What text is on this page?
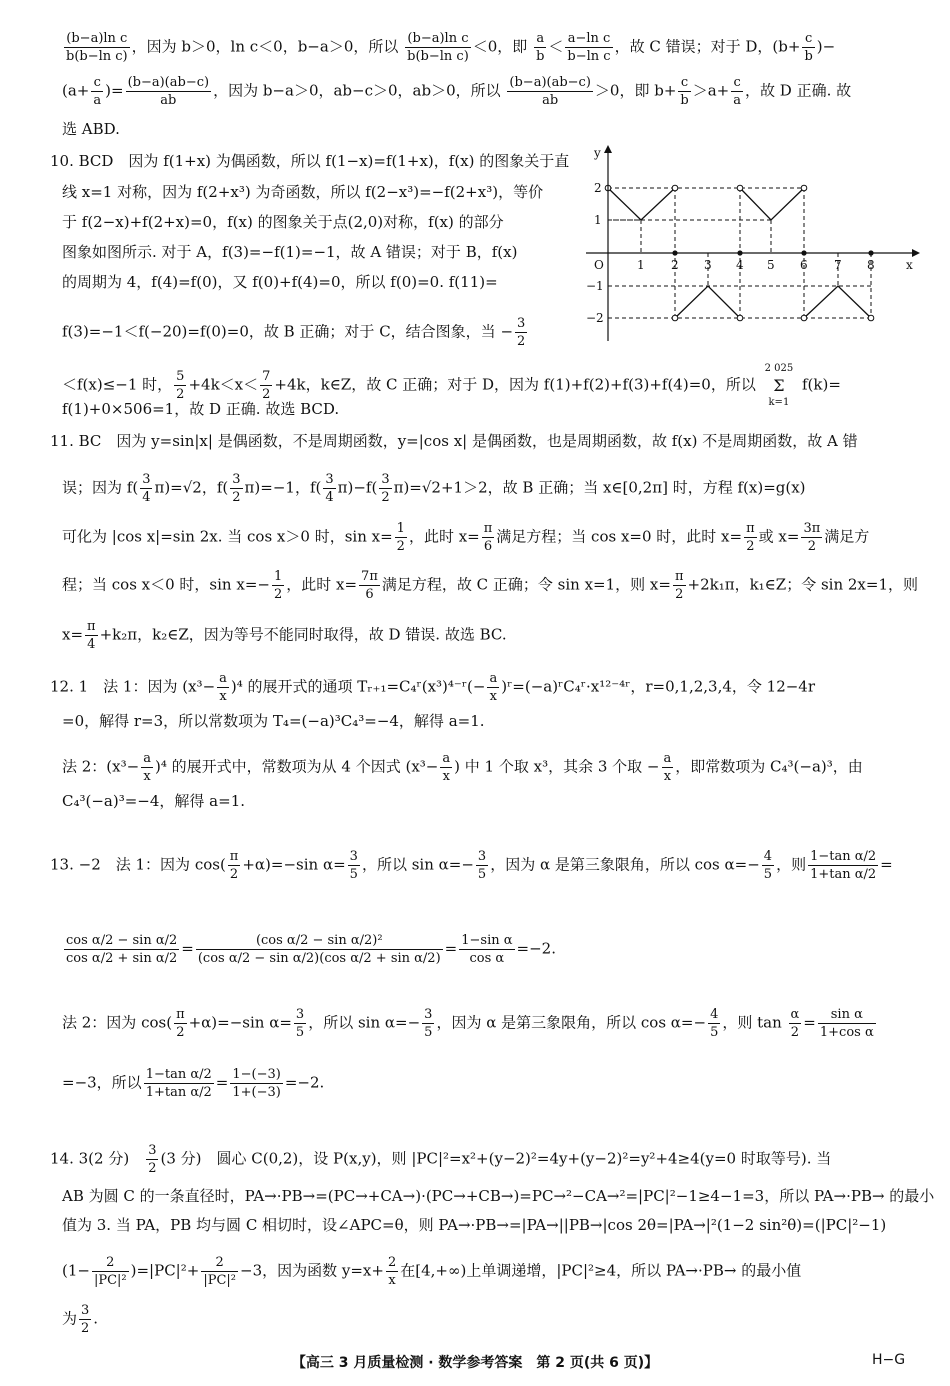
$\frac{\text{(b−a)ln c}}{\text{b(b−ln c)}}$ ，因为 b＞0，ln c＜0，b−a＞0，所以 $\frac{\text{(b−a)ln c}}{\text{b(b−ln c)}} <0$，即 $\frac{a}{b} < \frac{\text{a−ln c}}{\text{b−ln c}}$ ，故 C 错误；对于 D，($b+ \frac{c}{b}$ )−
($a+ \frac{c}{a}$ )= $\frac{(b-a)(ab-c)}{ab}$ ，因为 b−a＞0，ab−c＞0，ab＞0，所以 $\frac{(b-a)(ab-c)}{ab} >0$，即 $b+ \frac{c}{b} >a+ \frac{c}{a}$ ，故 D 正确. 故
选 ABD.
10. BCD　因为 f(1+x) 为偶函数，所以 f(1−x)=f(1+x)，f(x) 的图象关于直
线 x=1 对称，因为 f(2+x³) 为奇函数，所以 f(2−x³)=−f(2+x³)，等价
于 f(2−x)+f(2+x)=0，f(x) 的图象关于点(2,0)对称，f(x) 的部分
图象如图所示. 对于 A，f(3)=−f(1)=−1，故 A 错误；对于 B，f(x)
的周期为 4，f(4)=f(0)，又 f(0)+f(4)=0，所以 f(0)=0. f(11)=
f(3)=−1＜f(−20)=f(0)=0，故 B 正确；对于 C，结合图象，当 − $\frac{3}{2}$
＜f(x)≤−1 时， $\frac{5}{2} +4k<x< \frac{7}{2} +4k$，k∈Z，故 C 正确；对于 D，因为 f(1)+f(2)+f(3)+f(4)=0，所以
2 025
Σ
k=1
f(k)=
f(1)+0×506=1，故 D 正确. 故选 BCD.
11. BC　因为 y=sin|x| 是偶函数，不是周期函数，y=|cos x| 是偶函数，也是周期函数，故 f(x) 不是周期函数，故 A 错
误；因为 $f( \frac{3}{4} \pi)=√2$，$f( \frac{3}{2} \pi)=-1$，$f( \frac{3}{4} \pi)-f( \frac{3}{2} \pi)=√2+1>2$，故 B 正确；当 x∈[0,2π] 时，方程 f(x)=g(x)
可化为 |cos x|=sin 2x. 当 cos x＞0 时，$\sin x= \frac{1}{2}$ ，此时 $x= \frac{\pi}{6}$ 满足方程；当 cos x=0 时，此时 $x= \frac{\pi}{2}$ 或 $x= \frac{3\pi}{2}$ 满足方
程；当 cos x＜0 时，$\sin x=- \frac{1}{2}$ ，此时 $x= \frac{7\pi}{6}$ 满足方程，故 C 正确；令 sin x=1，则 $x= \frac{\pi}{2} +2k_1\pi$，k₁∈Z；令 sin 2x=1，则
$x= \frac{\pi}{4} +k_2\pi$，k₂∈Z，因为等号不能同时取得，故 D 错误. 故选 BC.
12. 1　法 1：因为 $(x^3- \frac{a}{x} )^4$ 的展开式的通项 Tᵣ₊₁=C₄ʳ(x³)⁴⁻ʳ(− $\frac{a}{x}$ )ʳ=(−a)ʳC₄ʳ·x¹²⁻⁴ʳ，r=0,1,2,3,4，令 12−4r
=0，解得 r=3，所以常数项为 T₄=(−a)³C₄³=−4，解得 a=1.
法 2：$(x^3- \frac{a}{x} )^4$ 的展开式中，常数项为从 4 个因式 ($x^3- \frac{a}{x}$ ) 中 1 个取 x³，其余 3 个取 − $\frac{a}{x}$ ，即常数项为 C₄³(−a)³，由
C₄³(−a)³=−4，解得 a=1.
13. −2　法 1：因为 $\cos( \frac{\pi}{2} +\alpha)=-\sin$ $\alpha= \frac{3}{5}$ ，所以 $\sin \alpha=- \frac{3}{5}$ ，因为 α 是第三象限角，所以 $\cos \alpha=- \frac{4}{5}$ ，则 $\frac{\text{1−tan α/2}}{\text{1+tan α/2}}$ =
$\frac{\text{cos α/2 − sin α/2}}{\text{cos α/2 + sin α/2}} = \frac{\text{(cos α/2 − sin α/2)²}}{\text{(cos α/2 − sin α/2)(cos α/2 + sin α/2)}} = \frac{\text{1−sin α}}{\text{cos α}} =-2$.
法 2：因为 $\cos( \frac{\pi}{2} +\alpha)=-\sin$ $\alpha= \frac{3}{5}$ ，所以 $\sin \alpha=- \frac{3}{5}$ ，因为 α 是第三象限角，所以 $\cos \alpha=- \frac{4}{5}$ ，则 $\tan \frac{\alpha}{2} = \frac{\text{sin α}}{\text{1+cos α}}$
=−3，所以 $\frac{\text{1−tan α/2}}{\text{1+tan α/2}} = \frac{1-(-3)}{1+(-3)} =-2$.
14. 3(2 分)　 $\frac{3}{2} (3$ 分)　圆心 C(0,2)，设 P(x,y)，则 |PC|²=x²+(y−2)²=4y+(y−2)²=y²+4≥4(y=0 时取等号). 当
AB 为圆 C 的一条直径时，PA→·PB→=(PC→+CA→)·(PC→+CB→)=PC→²−CA→²=|PC|²−1≥4−1=3，所以 PA→·PB→ 的最小
值为 3. 当 PA，PB 均与圆 C 相切时，设∠APC=θ，则 PA→·PB→=|PA→||PB→|cos 2θ=|PA→|²(1−2 sin²θ)=(|PC|²−1)
$(1- \frac{2}{\text{|PC|²}} )=|PC|^2+ \frac{2}{\text{|PC|²}} -3$，因为函数 $y=x+ \frac{2}{x}$ 在[4,+∞)上单调递增，|PC|²≥4，所以 PA→·PB→ 的最小值
为 $\frac{3}{2}$ .
x
y
O	1 2 3 4 5 6 7 8
2
1
−1
−2
【高三 3 月质量检测 · 数学参考答案　第 2 页(共 6 页)】	H−G
